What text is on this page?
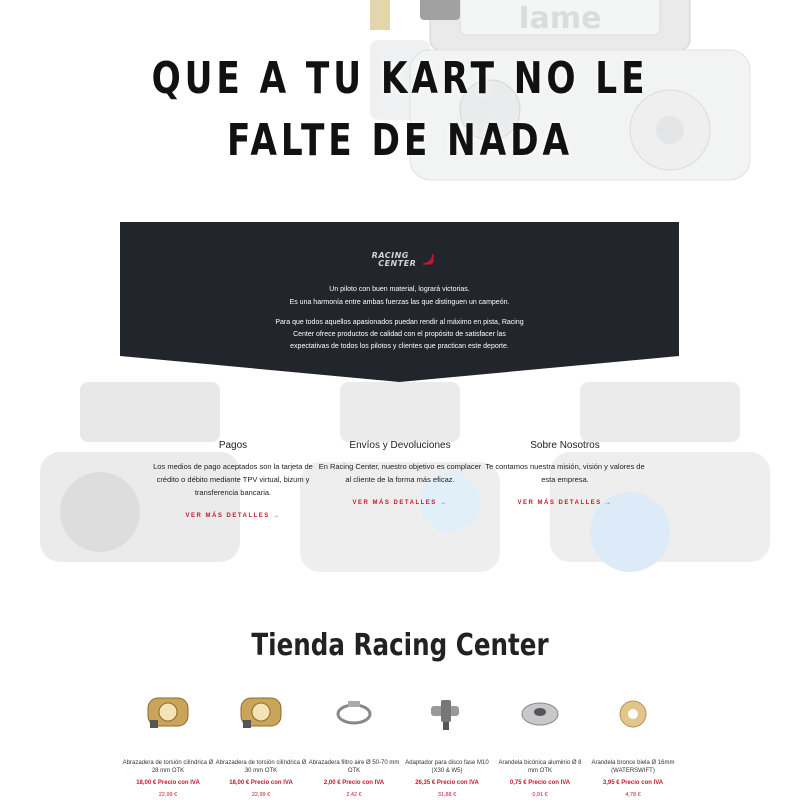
Iame
QUE A TU KART NO LE FALTE DE NADA
RACING
CENTER

Un piloto con buen material, logrará victorias.
Es una harmonía entre ambas fuerzas las que distinguen un campeón.
Para que todos aquellos apasionados puedan rendir al máximo en pista, Racing Center ofrece productos de calidad con el propósito de satisfacer las expectativas de todos los pilotos y clientes que practican este deporte.
Pagos
Los medios de pago aceptados son la tarjeta de crédito o débito mediante TPV virtual, bizum y transferencia bancaria.
VER MÁS DETALLES →
Envíos y Devoluciones
En Racing Center, nuestro objetivo es complacer al cliente de la forma más eficaz.
VER MÁS DETALLES →
Sobre Nosotros
Te contamos nuestra misión, visión y valores de esta empresa.
VER MÁS DETALLES →
Tienda Racing Center
Abrazadera de torsión cilíndrica Ø 28 mm OTK
18,00 € Precio con IVA
22,99 €
Abrazadera de torsión cilíndrica Ø 30 mm OTK
18,00 € Precio con IVA
22,99 €
Abrazadera filtro aire Ø 50-70 mm OTK
2,00 € Precio con IVA
2,42 €
Adaptador para disco fase M10 (X30 & W5)
26,35 € Precio con IVA
31,88 €
Arandela bicónica aluminio Ø 8 mm OTK
0,75 € Precio con IVA
0,91 €
Arandela bronce biela Ø 16mm (WATERSWIFT)
3,95 € Precio con IVA
4,78 €
